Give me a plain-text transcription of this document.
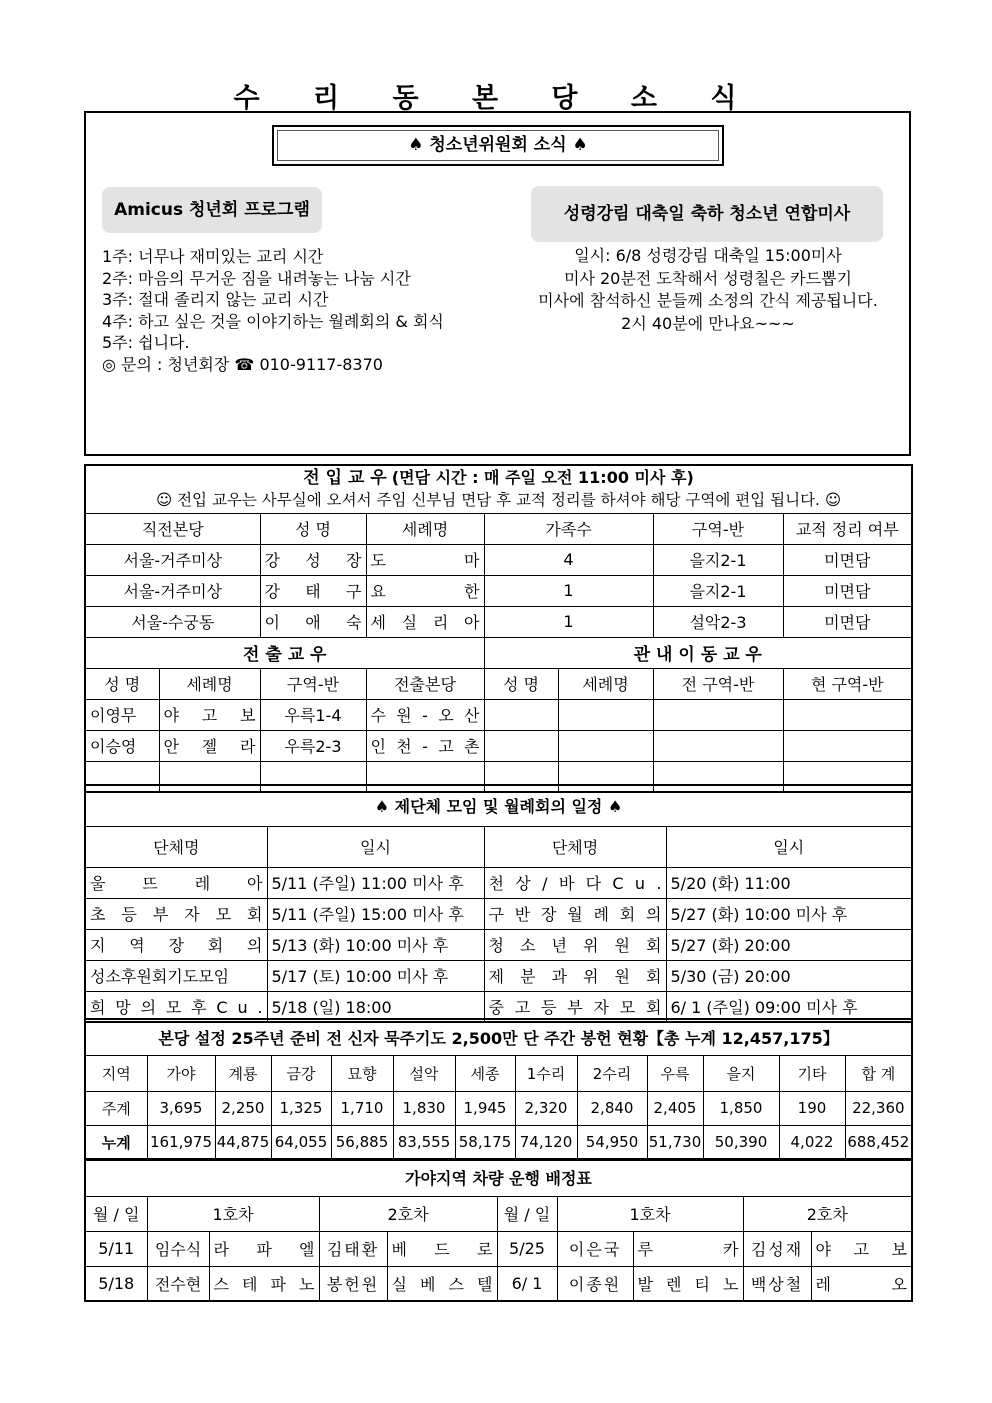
수 리 동 본 당 소 식
♠ 청소년위원회 소식 ♠
Amicus 청년회 프로그램
1주: 너무나 재미있는 교리 시간
2주: 마음의 무거운 짐을 내려놓는 나눔 시간
3주: 절대 졸리지 않는 교리 시간
4주: 하고 싶은 것을 이야기하는 월례회의 & 회식
5주: 쉽니다.
◎ 문의 : 청년회장 ☎ 010-9117-8370
성령강림 대축일 축하 청소년 연합미사
일시: 6/8 성령강림 대축일 15:00미사
미사 20분전 도착해서 성령칠은 카드뽑기
미사에 참석하신 분들께 소정의 간식 제공됩니다.
2시 40분에 만나요~~~
전 입 교 우 (면담 시간 : 매 주일 오전 11:00 미사 후)
☺ 전입 교우는 사무실에 오셔서 주임 신부님 면담 후 교적 정리를 하셔야 해당 구역에 편입 됩니다. ☺							

직전본당		성 명	세례명	가족수		구역-반	교적 정리 여부
서울-거주미상		강 성 장	도 마	4		을지2-1	미면담
서울-거주미상		강 태 구	요 한	1		을지2-1	미면담
서울-수궁동		이 애 숙	세 실 리 아	1		설악2-3	미면담
전 출 교 우				관 내 이 동 교 우			
성 명	세례명	구역-반	전출본당	성 명	세례명	전 구역-반	현 구역-반
이영무	야 고 보	우륵1-4	수 원 - 오 산				
이승영	안 젤 라	우륵2-3	인 천 - 고 촌				

♠ 제단체 모임 및 월례회의 일정 ♠			
단체명	일시	단체명	일시
울 뜨 레 아	5/11 (주일) 11:00 미사 후	천 상 / 바 다 C u .	5/20 (화) 11:00
초 등 부 자 모 회	5/11 (주일) 15:00 미사 후	구 반 장 월 례 회 의	5/27 (화) 10:00 미사 후
지 역 장 회 의	5/13 (화) 10:00 미사 후	청 소 년 위 원 회	5/27 (화) 20:00
성소후원회기도모임	5/17 (토) 10:00 미사 후	제 분 과 위 원 회	5/30 (금) 20:00
희 망 의 모 후 C u .	5/18 (일) 18:00	중 고 등 부 자 모 회	6/ 1 (주일) 09:00 미사 후
본당 설정 25주년 준비 전 신자 묵주기도 2,500만 단 주간 봉헌 현황【총 누계 12,457,175】												
지역	가야	계룡	금강	묘향	설악	세종	1수리	2수리	우륵	을지	기타	합 계
주계	3,695	2,250	1,325	1,710	1,830	1,945	2,320	2,840	2,405	1,850	190	22,360
누계	161,975	44,875	64,055	56,885	83,555	58,175	74,120	54,950	51,730	50,390	4,022	688,452
가야지역 차량 운행 배정표									
월 / 일	1호차		2호차		월 / 일	1호차		2호차	
5/11	임수식	라 파 엘	김태환	베 드 로	5/25	이은국	루 카	김성재	야 고 보
5/18	전수현	스 테 파 노	봉헌원	실 베 스 텔	6/ 1	이종원	발 렌 티 노	백상철	레 오
